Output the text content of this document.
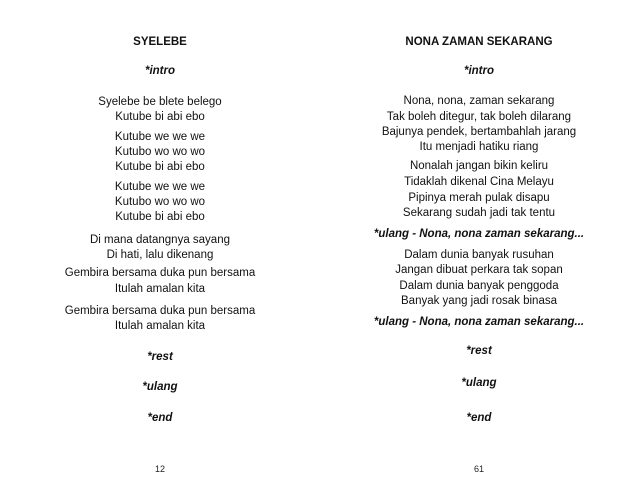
SYELEBE
*intro
Syelebe be blete belego
Kutube bi abi ebo
Kutube we we we
Kutubo wo wo wo
Kutube bi abi ebo
Kutube we we we
Kutubo wo wo wo
Kutube bi abi ebo
Di mana datangnya sayang
Di hati, lalu dikenang
Gembira bersama duka pun bersama
Itulah amalan kita
Gembira bersama duka pun bersama
Itulah amalan kita
*rest
*ulang
*end
12
NONA ZAMAN SEKARANG
*intro
Nona, nona, zaman sekarang
Tak boleh ditegur, tak boleh dilarang
Bajunya pendek, bertambahlah jarang
Itu menjadi hatiku riang
Nonalah jangan bikin keliru
Tidaklah dikenal Cina Melayu
Pipinya merah pulak disapu
Sekarang sudah jadi tak tentu
*ulang - Nona, nona zaman sekarang...
Dalam dunia banyak rusuhan
Jangan dibuat perkara tak sopan
Dalam dunia banyak penggoda
Banyak yang jadi rosak binasa
*ulang - Nona, nona zaman sekarang...
*rest
*ulang
*end
61
